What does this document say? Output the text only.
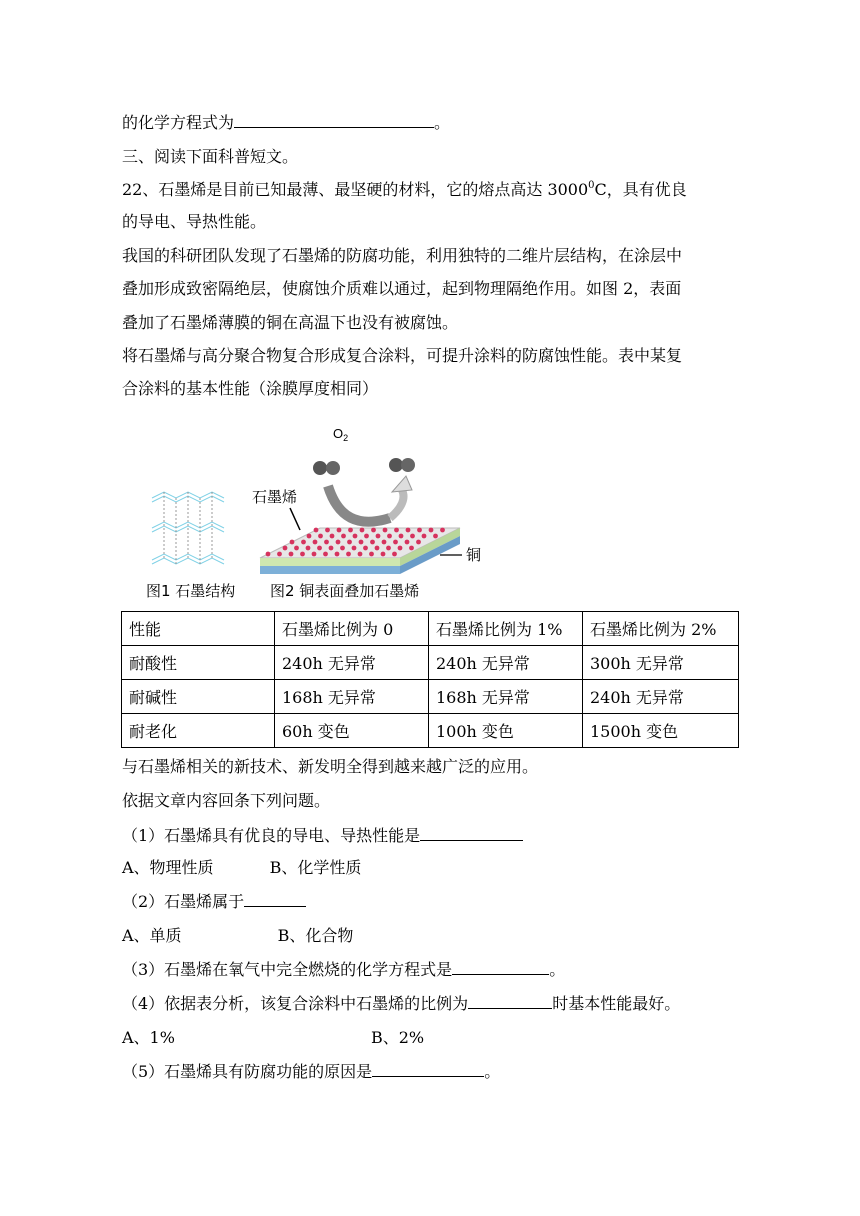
的化学方程式为	。
三、阅读下面科普短文。
22、石墨烯是目前已知最薄、最坚硬的材料，它的熔点高达 3000$^0$C，具有优良
的导电、导热性能。
我国的科研团队发现了石墨烯的防腐功能，利用独特的二维片层结构，在涂层中
叠加形成致密隔绝层，使腐蚀介质难以通过，起到物理隔绝作用。如图 2，表面
叠加了石墨烯薄膜的铜在高温下也没有被腐蚀。
将石墨烯与高分聚合物复合形成复合涂料，可提升涂料的防腐蚀性能。表中某复
合涂料的基本性能（涂膜厚度相同）
图1 石墨结构
$O_2$
石墨烯
铜
图2 铜表面叠加石墨烯
性能	石墨烯比例为 0	石墨烯比例为 1%	石墨烯比例为 2%
耐酸性	240h 无异常	240h 无异常	300h 无异常
耐碱性	168h 无异常	168h 无异常	240h 无异常
耐老化	60h 变色	100h 变色	1500h 变色
与石墨烯相关的新技术、新发明全得到越来越广泛的应用。
依据文章内容回条下列问题。
（1）石墨烯具有优良的导电、导热性能是
A、物理性质	B、化学性质
（2）石墨烯属于
A、单质	B、化合物
（3）石墨烯在氧气中完全燃烧的化学方程式是	。
（4）依据表分析，该复合涂料中石墨烯的比例为	时基本性能最好。
A、1%	B、2%
（5）石墨烯具有防腐功能的原因是	。
